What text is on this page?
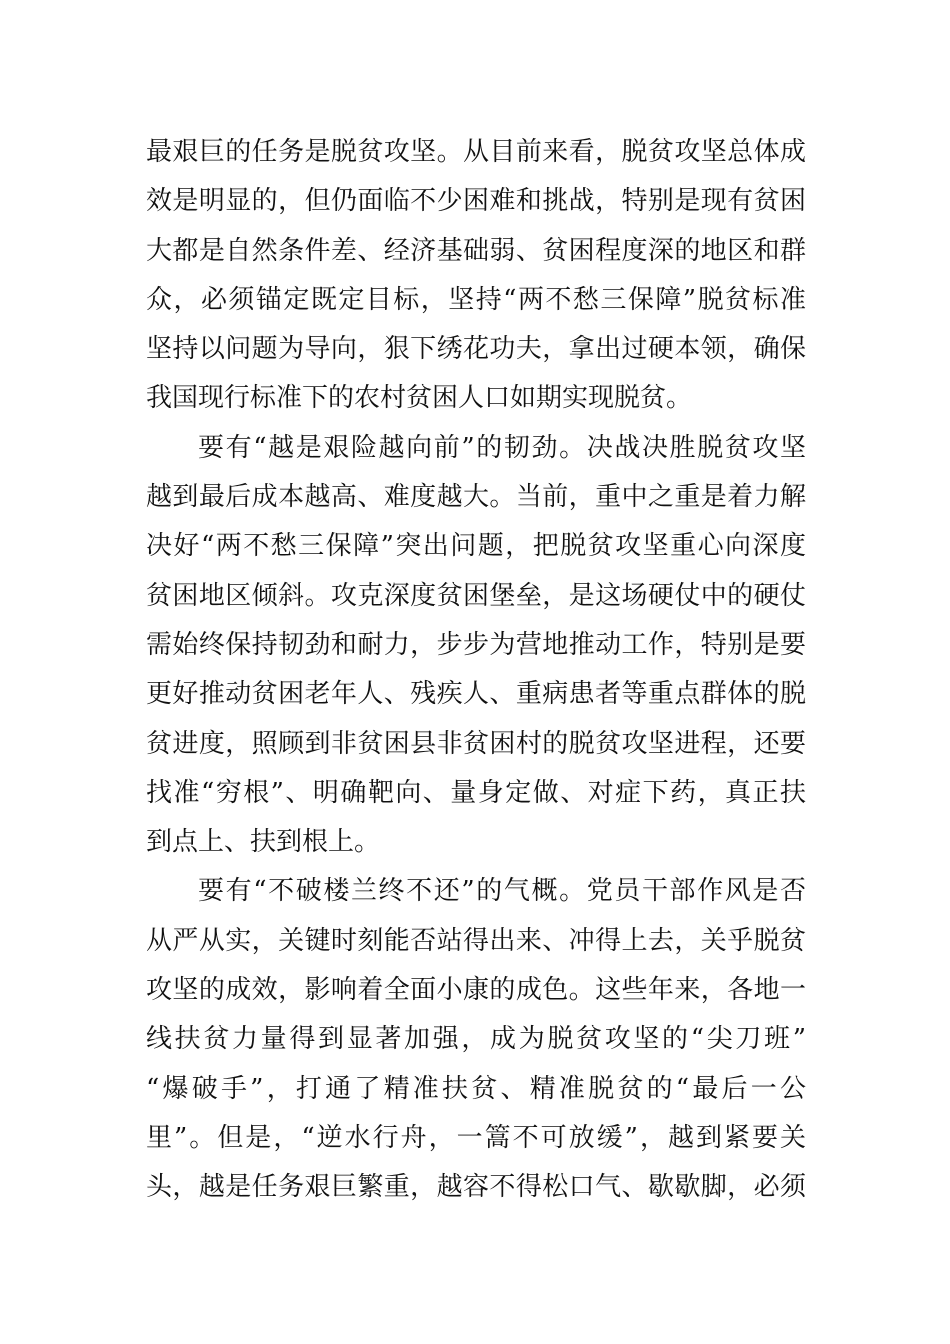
最艰巨的任务是脱贫攻坚。从目前来看，脱贫攻坚总体成
效是明显的，但仍面临不少困难和挑战，特别是现有贫困
大都是自然条件差、经济基础弱、贫困程度深的地区和群
众，必须锚定既定目标，坚持“两不愁三保障”脱贫标准
坚持以问题为导向，狠下绣花功夫，拿出过硬本领，确保
我国现行标准下的农村贫困人口如期实现脱贫。
要有“越是艰险越向前”的韧劲。决战决胜脱贫攻坚
越到最后成本越高、难度越大。当前，重中之重是着力解
决好“两不愁三保障”突出问题，把脱贫攻坚重心向深度
贫困地区倾斜。攻克深度贫困堡垒，是这场硬仗中的硬仗
需始终保持韧劲和耐力，步步为营地推动工作，特别是要
更好推动贫困老年人、残疾人、重病患者等重点群体的脱
贫进度，照顾到非贫困县非贫困村的脱贫攻坚进程，还要
找准“穷根”、明确靶向、量身定做、对症下药，真正扶
到点上、扶到根上。
要有“不破楼兰终不还”的气概。党员干部作风是否
从严从实，关键时刻能否站得出来、冲得上去，关乎脱贫
攻坚的成效，影响着全面小康的成色。这些年来，各地一
线扶贫力量得到显著加强，成为脱贫攻坚的“尖刀班”
“爆破手”，打通了精准扶贫、精准脱贫的“最后一公
里”。但是，“逆水行舟，一篙不可放缓”，越到紧要关
头，越是任务艰巨繁重，越容不得松口气、歇歇脚，必须
